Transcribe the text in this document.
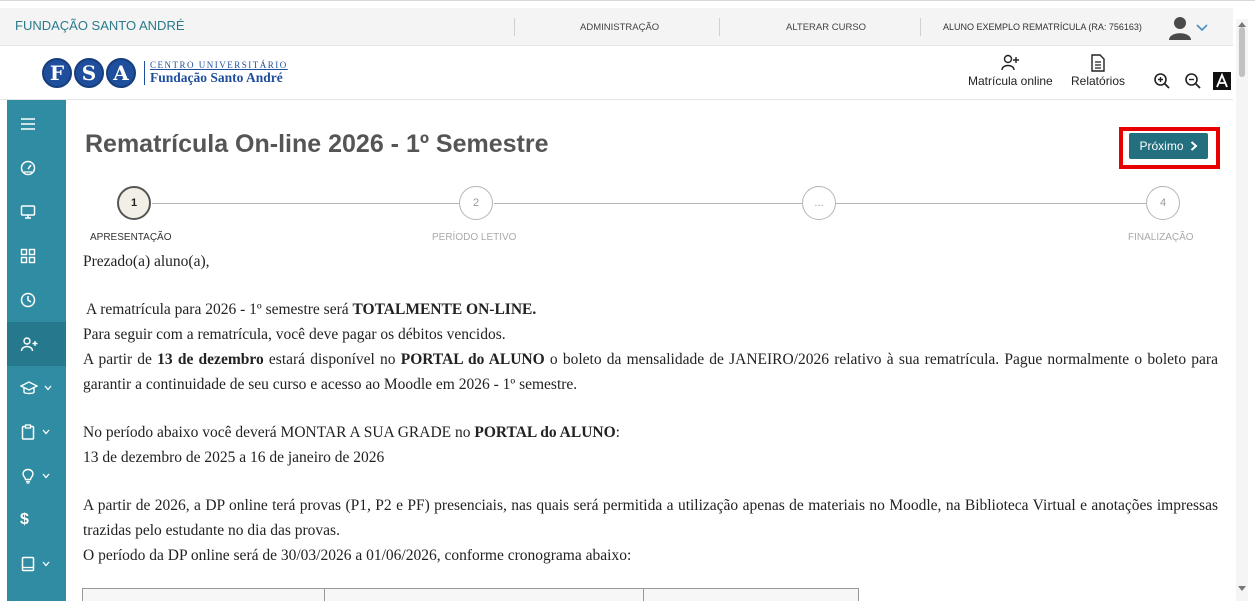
FUNDAÇÃO SANTO ANDRÉ	ADMINISTRAÇÃO	ALTERAR CURSO	ALUNO EXEMPLO REMATRÍCULA (RA: 756163)
F S A	CENTRO UNIVERSITÁRIO
Fundação Santo André	Matrícula online Relatórios
$
Rematrícula On-line 2026 - 1º Semestre	Próximo
1	2	...	4
APRESENTAÇÃO	PERÍODO LETIVO	FINALIZAÇÃO

Prezado(a) aluno(a),

A rematrícula para 2026 - 1º semestre será TOTALMENTE ON-LINE.

Para seguir com a rematrícula, você deve pagar os débitos vencidos.

A partir de 13 de dezembro estará disponível no PORTAL do ALUNO o boleto da mensalidade de JANEIRO/2026 relativo à sua rematrícula. Pague normalmente o boleto para garantir a continuidade de seu curso e acesso ao Moodle em 2026 - 1º semestre.

No período abaixo você deverá MONTAR A SUA GRADE no PORTAL do ALUNO:

13 de dezembro de 2025 a 16 de janeiro de 2026

A partir de 2026, a DP online terá provas (P1, P2 e PF) presenciais, nas quais será permitida a utilização apenas de materiais no Moodle, na Biblioteca Virtual e anotações impressas trazidas pelo estudante no dia das provas.

O período da DP online será de 30/03/2026 a 01/06/2026, conforme cronograma abaixo:
